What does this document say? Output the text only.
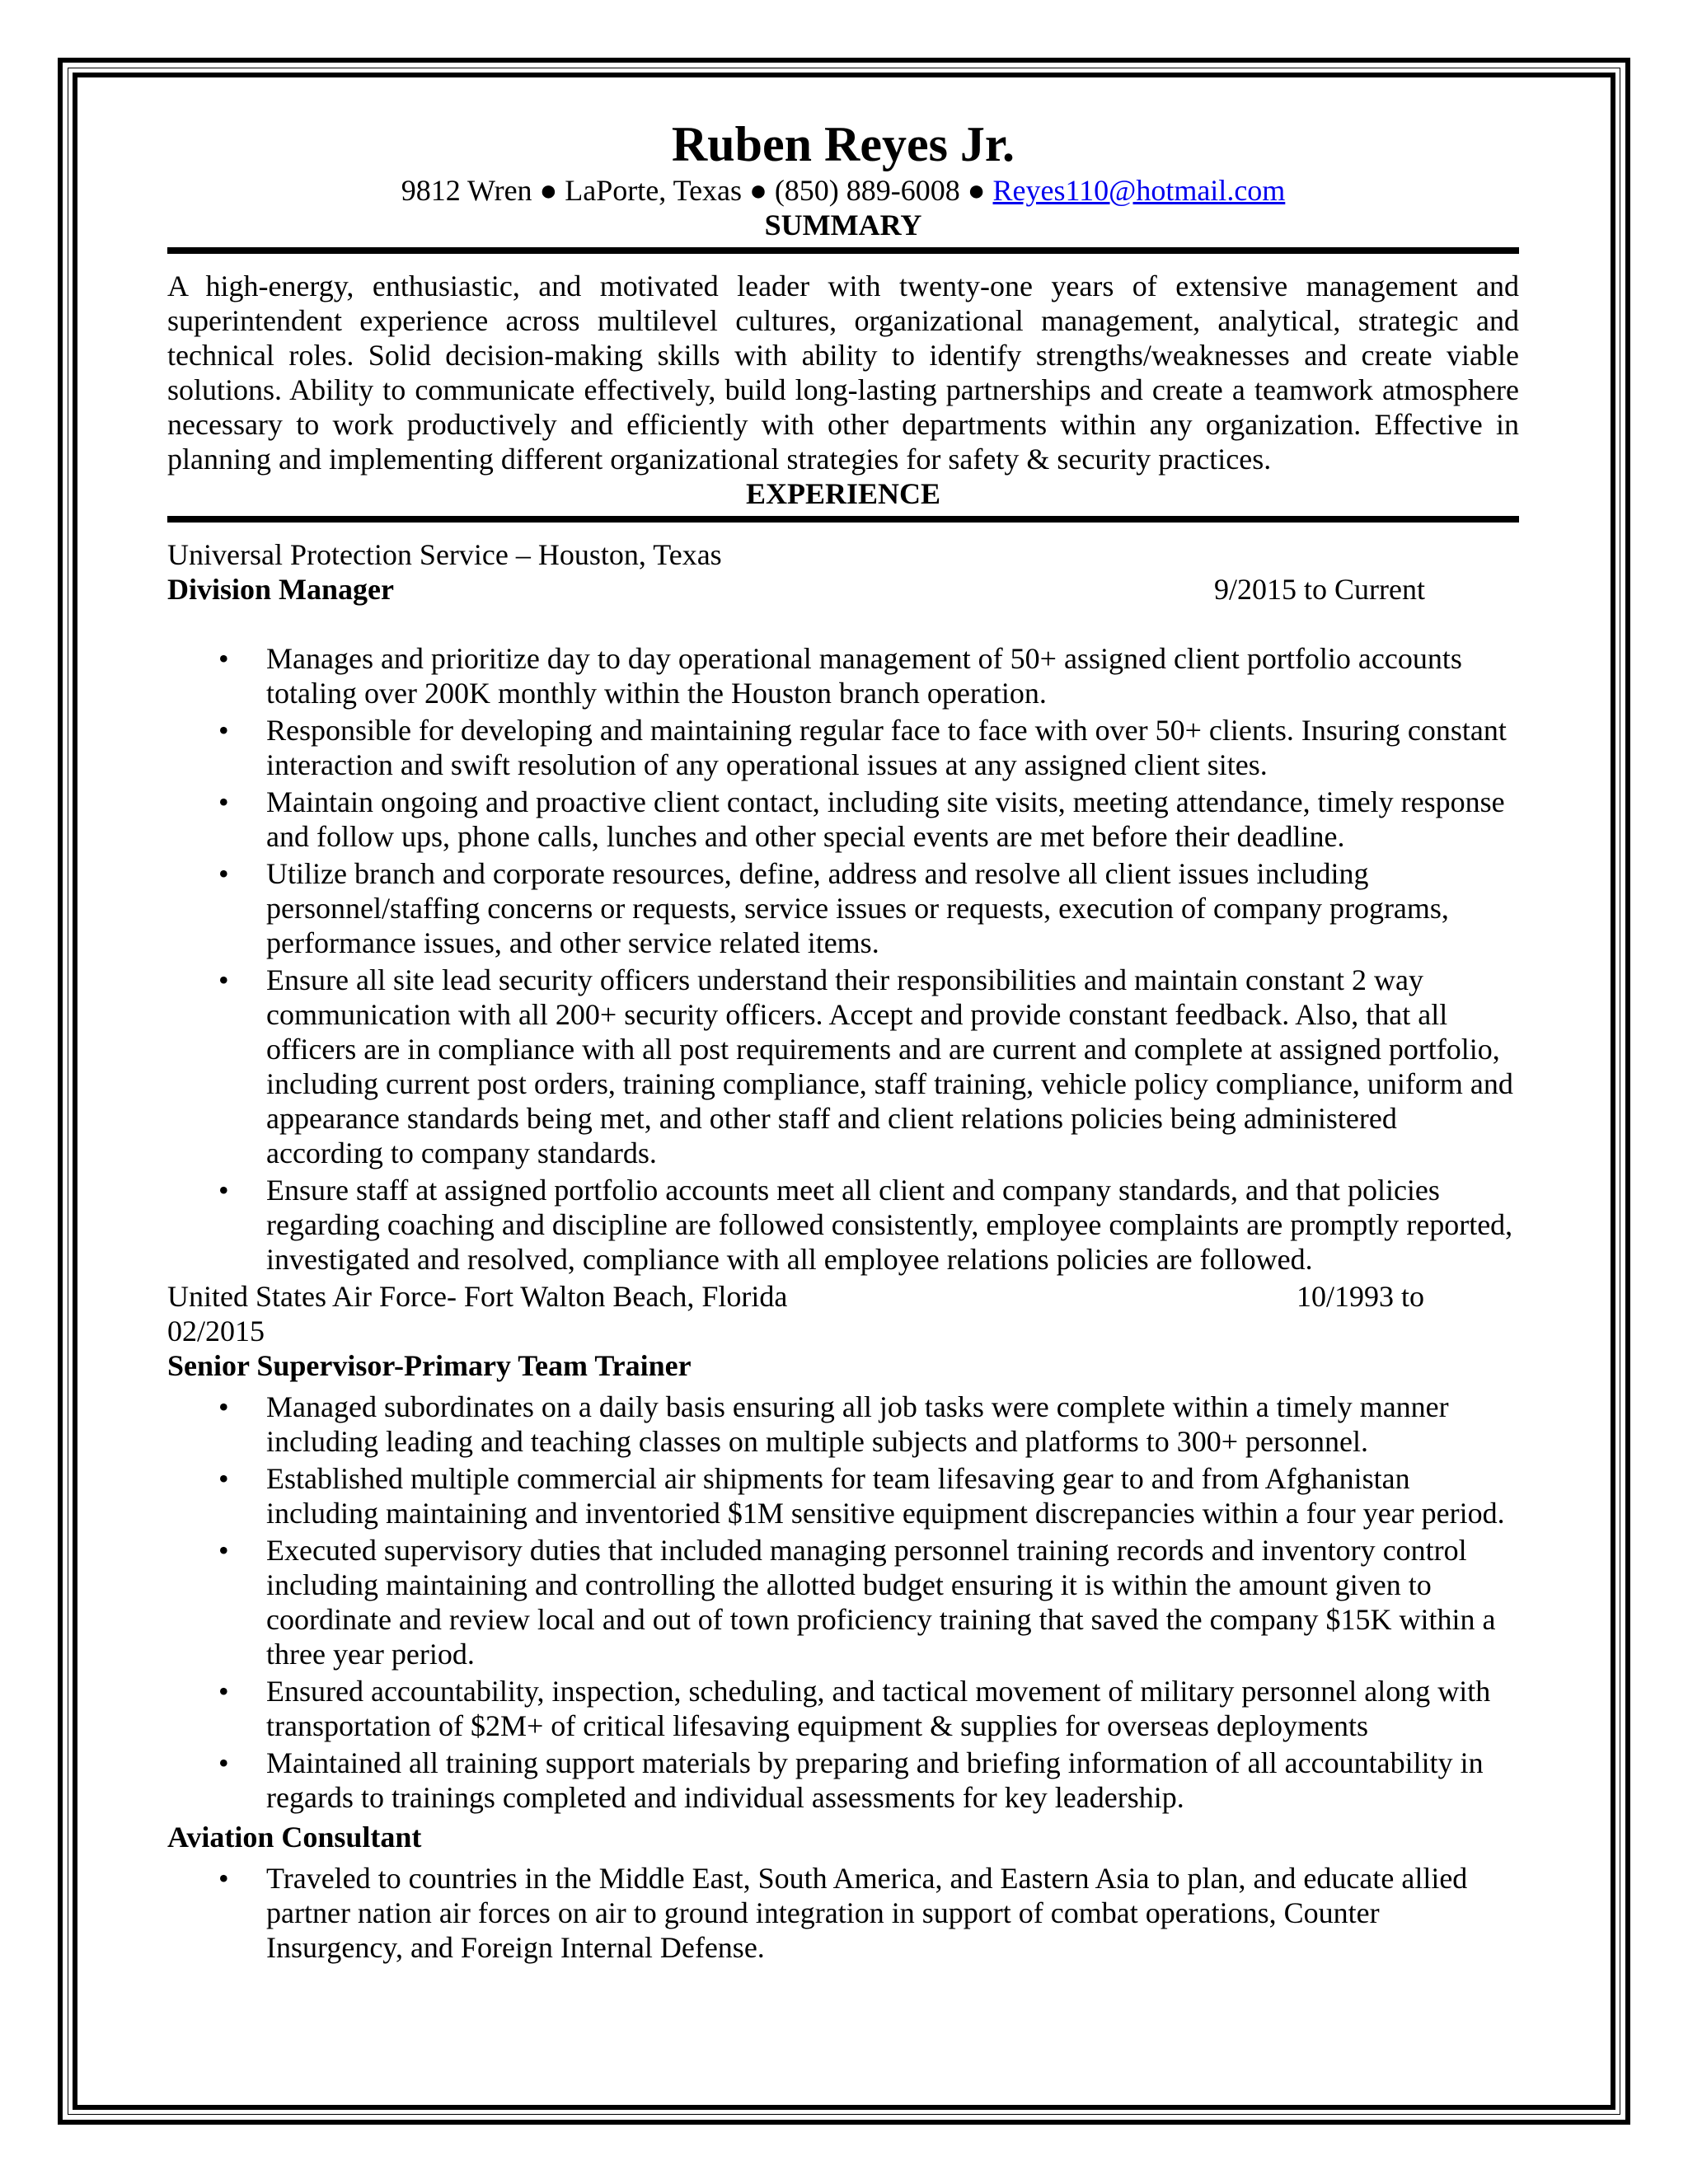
Ruben Reyes Jr.

9812 Wren ● LaPorte, Texas ● (850) 889-6008 ● Reyes110@hotmail.com

SUMMARY

A high-energy, enthusiastic, and motivated leader with twenty-one years of extensive management and superintendent experience across multilevel cultures, organizational management, analytical, strategic and technical roles. Solid decision-making skills with ability to identify strengths/weaknesses and create viable solutions. Ability to communicate effectively, build long-lasting partnerships and create a teamwork atmosphere necessary to work productively and efficiently with other departments within any organization. Effective in planning and implementing different organizational strategies for safety & security practices.

EXPERIENCE

Universal Protection Service – Houston, Texas

Division Manager	9/2015 to Current
• Manages and prioritize day to day operational management of 50+ assigned client portfolio accounts totaling over 200K monthly within the Houston branch operation.
• Responsible for developing and maintaining regular face to face with over 50+ clients. Insuring constant interaction and swift resolution of any operational issues at any assigned client sites.
• Maintain ongoing and proactive client contact, including site visits, meeting attendance, timely response and follow ups, phone calls, lunches and other special events are met before their deadline.
• Utilize branch and corporate resources, define, address and resolve all client issues including personnel/staffing concerns or requests, service issues or requests, execution of company programs, performance issues, and other service related items.
• Ensure all site lead security officers understand their responsibilities and maintain constant 2 way communication with all 200+ security officers. Accept and provide constant feedback. Also, that all officers are in compliance with all post requirements and are current and complete at assigned portfolio, including current post orders, training compliance, staff training, vehicle policy compliance, uniform and appearance standards being met, and other staff and client relations policies being administered according to company standards.
• Ensure staff at assigned portfolio accounts meet all client and company standards, and that policies regarding coaching and discipline are followed consistently, employee complaints are promptly reported, investigated and resolved, compliance with all employee relations policies are followed.
United States Air Force- Fort Walton Beach, Florida	10/1993 to
02/2015

Senior Supervisor-Primary Team Trainer

• Managed subordinates on a daily basis ensuring all job tasks were complete within a timely manner including leading and teaching classes on multiple subjects and platforms to 300+ personnel.
• Established multiple commercial air shipments for team lifesaving gear to and from Afghanistan including maintaining and inventoried $1M sensitive equipment discrepancies within a four year period.
• Executed supervisory duties that included managing personnel training records and inventory control including maintaining and controlling the allotted budget ensuring it is within the amount given to coordinate and review local and out of town proficiency training that saved the company $15K within a three year period.
• Ensured accountability, inspection, scheduling, and tactical movement of military personnel along with transportation of $2M+ of critical lifesaving equipment & supplies for overseas deployments
• Maintained all training support materials by preparing and briefing information of all accountability in regards to trainings completed and individual assessments for key leadership.

Aviation Consultant

• Traveled to countries in the Middle East, South America, and Eastern Asia to plan, and educate allied partner nation air forces on air to ground integration in support of combat operations, Counter Insurgency, and Foreign Internal Defense.
